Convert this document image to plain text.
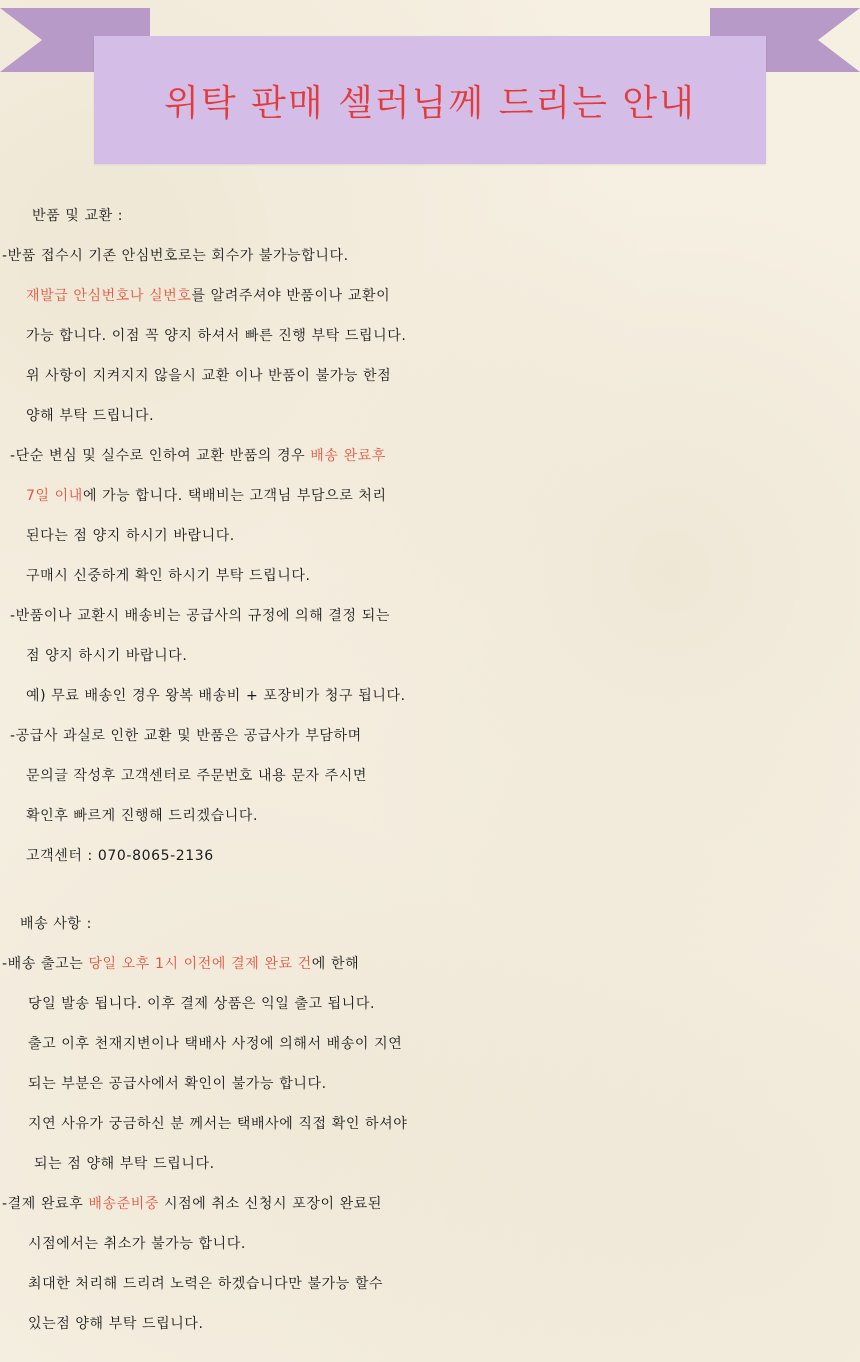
위탁 판매 셀러님께 드리는 안내
반품 및 교환 :
-반품 접수시 기존 안심번호로는 회수가 불가능합니다.
재발급 안심번호나 실번호를 알려주셔야 반품이나 교환이
가능 합니다. 이점 꼭 양지 하셔서 빠른 진행 부탁 드립니다.
위 사항이 지켜지지 않을시 교환 이나 반품이 불가능 한점
양해 부탁 드립니다.
-단순 변심 및 실수로 인하여 교환 반품의 경우 배송 완료후
7일 이내에 가능 합니다. 택배비는 고객님 부담으로 처리
된다는 점 양지 하시기 바랍니다.
구매시 신중하게 확인 하시기 부탁 드립니다.
-반품이나 교환시 배송비는 공급사의 규정에 의해 결정 되는
점 양지 하시기 바랍니다.
예) 무료 배송인 경우 왕복 배송비 + 포장비가 청구 됩니다.
-공급사 과실로 인한 교환 및 반품은 공급사가 부담하며
문의글 작성후 고객센터로 주문번호 내용 문자 주시면
확인후 빠르게 진행해 드리겠습니다.
고객센터 : 070-8065-2136
배송 사항 :
-배송 출고는 당일 오후 1시 이전에 결제 완료 건에 한해
당일 발송 됩니다. 이후 결제 상품은 익일 출고 됩니다.
출고 이후 천재지변이나 택배사 사정에 의해서 배송이 지연
되는 부분은 공급사에서 확인이 불가능 합니다.
지연 사유가 궁금하신 분 께서는 택배사에 직접 확인 하셔야
되는 점 양해 부탁 드립니다.
-결제 완료후 배송준비중 시점에 취소 신청시 포장이 완료된
시점에서는 취소가 불가능 합니다.
최대한 처리해 드리려 노력은 하겠습니다만 불가능 할수
있는점 양해 부탁 드립니다.
